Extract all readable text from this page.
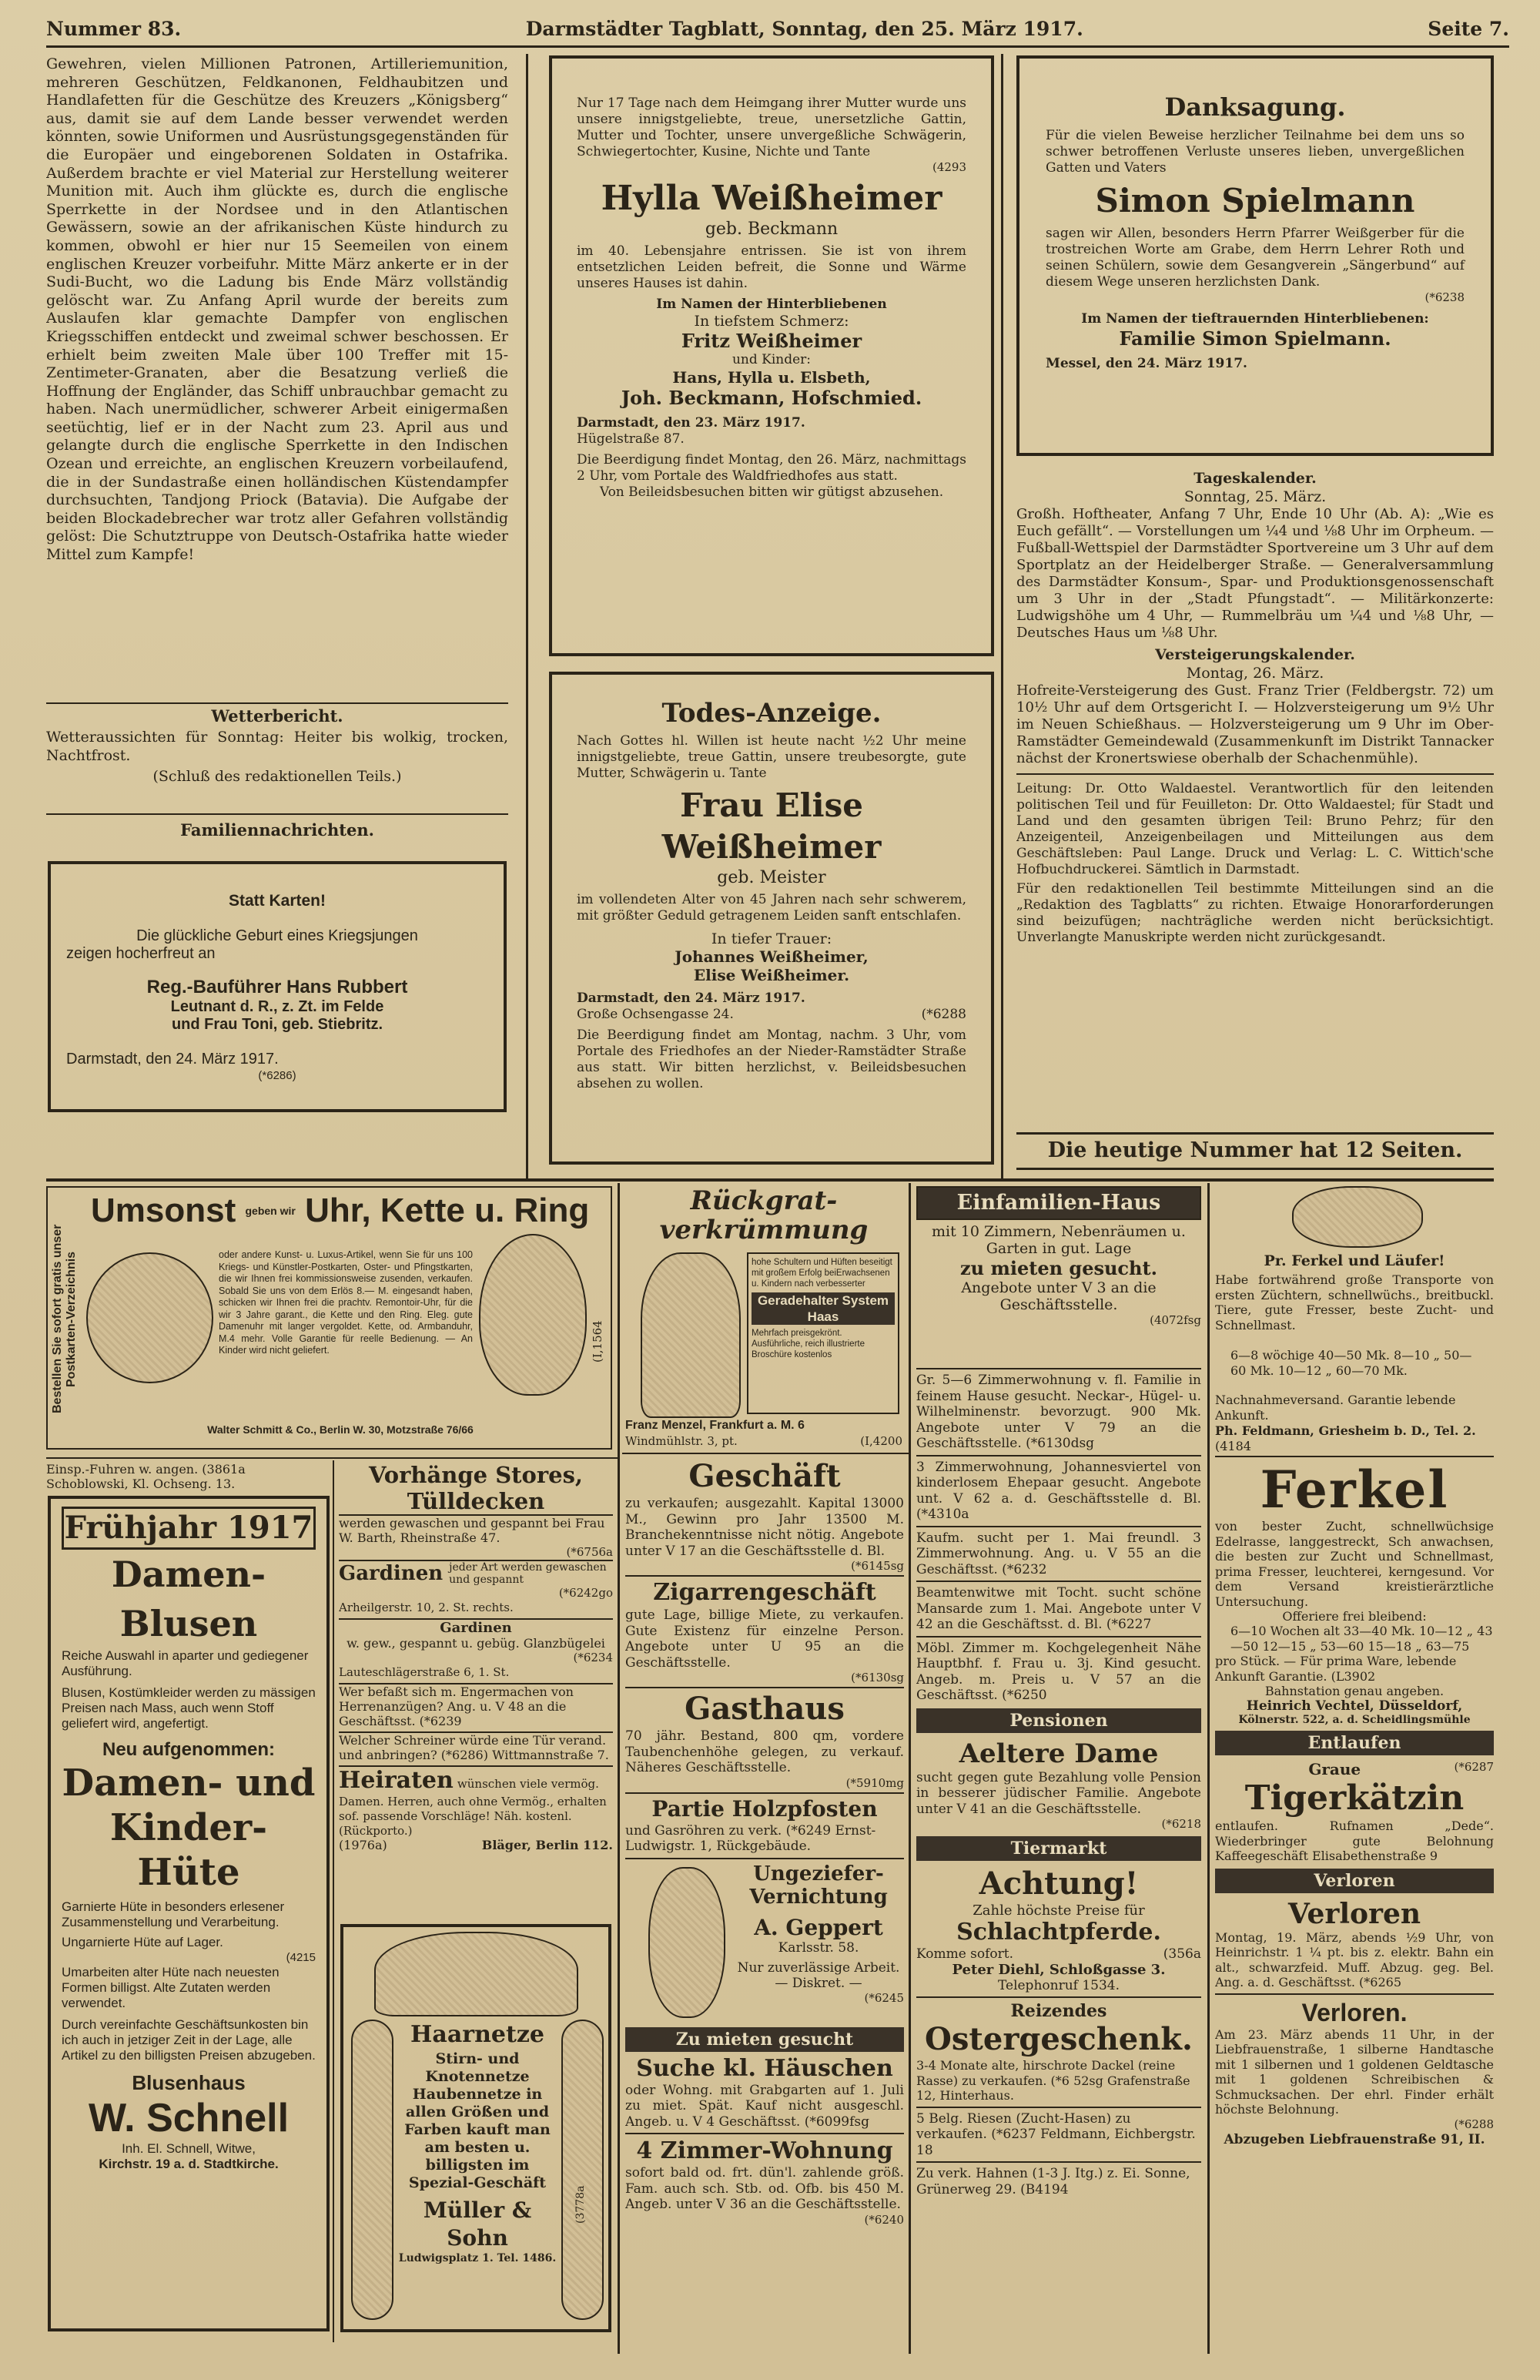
Nummer 83.	Darmstädter Tagblatt, Sonntag, den 25. März 1917.	Seite 7.

Gewehren, vielen Millionen Patronen, Artilleriemunition, mehreren Geschützen, Feldkanonen, Feldhaubitzen und Handlafetten für die Geschütze des Kreuzers „Königsberg“ aus, damit sie auf dem Lande besser verwendet werden könnten, sowie Uniformen und Ausrüstungsgegenständen für die Europäer und eingeborenen Soldaten in Ostafrika. Außerdem brachte er viel Material zur Herstellung weiterer Munition mit. Auch ihm glückte es, durch die englische Sperrkette in der Nordsee und in den Atlantischen Gewässern, sowie an der afrikanischen Küste hindurch zu kommen, obwohl er hier nur 15 Seemeilen von einem englischen Kreuzer vorbeifuhr. Mitte März ankerte er in der Sudi-Bucht, wo die Ladung bis Ende März vollständig gelöscht war. Zu Anfang April wurde der bereits zum Auslaufen klar gemachte Dampfer von englischen Kriegsschiffen entdeckt und zweimal schwer beschossen. Er erhielt beim zweiten Male über 100 Treffer mit 15-Zentimeter-Granaten, aber die Besatzung verließ die Hoffnung der Engländer, das Schiff unbrauchbar gemacht zu haben. Nach unermüdlicher, schwerer Arbeit einigermaßen seetüchtig, lief er in der Nacht zum 23. April aus und gelangte durch die englische Sperrkette in den Indischen Ozean und erreichte, an englischen Kreuzern vorbeilaufend, die in der Sundastraße einen holländischen Küstendampfer durchsuchten, Tandjong Priock (Batavia). Die Aufgabe der beiden Blockadebrecher war trotz aller Gefahren vollständig gelöst: Die Schutztruppe von Deutsch-Ostafrika hatte wieder Mittel zum Kampfe!

Wetterbericht.

Wetteraussichten für Sonntag: Heiter bis wolkig, trocken, Nachtfrost.

(Schluß des redaktionellen Teils.)

Familiennachrichten.
Statt Karten!
Die glückliche Geburt eines Kriegsjungen
zeigen hocherfreut an
Reg.-Bauführer Hans Rubbert
Leutnant d. R., z. Zt. im Felde
und Frau Toni, geb. Stiebritz.
Darmstadt, den 24. März 1917.
(*6286)
Nur 17 Tage nach dem Heimgang ihrer Mutter wurde uns unsere innigstgeliebte, treue, unersetzliche Gattin, Mutter und Tochter, unsere unvergeßliche Schwägerin, Schwiegertochter, Kusine, Nichte und Tante
(4293
Hylla Weißheimer
geb. Beckmann
im 40. Lebensjahre entrissen. Sie ist von ihrem entsetzlichen Leiden befreit, die Sonne und Wärme unseres Hauses ist dahin.
Im Namen der Hinterbliebenen
In tiefstem Schmerz:
Fritz Weißheimer
und Kinder:
Hans, Hylla u. Elsbeth,
Joh. Beckmann, Hofschmied.
Darmstadt, den 23. März 1917.
Hügelstraße 87.
Die Beerdigung findet Montag, den 26. März, nachmittags 2 Uhr, vom Portale des Waldfriedhofes aus statt.
Von Beileidsbesuchen bitten wir gütigst abzusehen.
Todes-Anzeige.
Nach Gottes hl. Willen ist heute nacht ½2 Uhr meine innigstgeliebte, treue Gattin, unsere treubesorgte, gute Mutter, Schwägerin u. Tante
Frau Elise Weißheimer
geb. Meister
im vollendeten Alter von 45 Jahren nach sehr schwerem, mit größter Geduld getragenem Leiden sanft entschlafen.
In tiefer Trauer:
Johannes Weißheimer,
Elise Weißheimer.
Darmstadt, den 24. März 1917.
Große Ochsengasse 24.	(*6288
Die Beerdigung findet am Montag, nachm. 3 Uhr, vom Portale des Friedhofes an der Nieder-Ramstädter Straße aus statt. Wir bitten herzlichst, v. Beileidsbesuchen absehen zu wollen.
Danksagung.
Für die vielen Beweise herzlicher Teilnahme bei dem uns so schwer betroffenen Verluste unseres lieben, unvergeßlichen Gatten und Vaters
Simon Spielmann
sagen wir Allen, besonders Herrn Pfarrer Weißgerber für die trostreichen Worte am Grabe, dem Herrn Lehrer Roth und seinen Schülern, sowie dem Gesangverein „Sängerbund“ auf diesem Wege unseren herzlichsten Dank.
(*6238
Im Namen der tieftrauernden Hinterbliebenen:
Familie Simon Spielmann.
Messel, den 24. März 1917.
Tageskalender.
Sonntag, 25. März.

Großh. Hoftheater, Anfang 7 Uhr, Ende 10 Uhr (Ab. A): „Wie es Euch gefällt“. — Vorstellungen um ¼4 und ⅛8 Uhr im Orpheum. — Fußball-Wettspiel der Darmstädter Sportvereine um 3 Uhr auf dem Sportplatz an der Heidelberger Straße. — Generalversammlung des Darmstädter Konsum-, Spar- und Produktionsgenossenschaft um 3 Uhr in der „Stadt Pfungstadt“. — Militärkonzerte: Ludwigshöhe um 4 Uhr, — Rummelbräu um ¼4 und ⅛8 Uhr, — Deutsches Haus um ⅛8 Uhr.

Versteigerungskalender.
Montag, 26. März.

Hofreite-Versteigerung des Gust. Franz Trier (Feldbergstr. 72) um 10½ Uhr auf dem Ortsgericht I. — Holzversteigerung um 9½ Uhr im Neuen Schießhaus. — Holzversteigerung um 9 Uhr im Ober-Ramstädter Gemeindewald (Zusammenkunft im Distrikt Tannacker nächst der Kronertswiese oberhalb der Schachenmühle).

Leitung: Dr. Otto Waldaestel. Verantwortlich für den leitenden politischen Teil und für Feuilleton: Dr. Otto Waldaestel; für Stadt und Land und den gesamten übrigen Teil: Bruno Pehrz; für den Anzeigenteil, Anzeigenbeilagen und Mitteilungen aus dem Geschäftsleben: Paul Lange. Druck und Verlag: L. C. Wittich'sche Hofbuchdruckerei. Sämtlich in Darmstadt.

Für den redaktionellen Teil bestimmte Mitteilungen sind an die „Redaktion des Tagblatts“ zu richten. Etwaige Honorarforderungen sind beizufügen; nachträgliche werden nicht berücksichtigt. Unverlangte Manuskripte werden nicht zurückgesandt.

Die heutige Nummer hat 12 Seiten.
Bestellen Sie sofort gratis unser Postkarten-Verzeichnis
Umsonst $^{geben wir}$ Uhr, Kette u. Ring
oder andere Kunst- u. Luxus-Artikel, wenn Sie für uns 100 Kriegs- und Künstler-Postkarten, Oster- und Pfingstkarten, die wir Ihnen frei kommissionsweise zusenden, verkaufen. Sobald Sie uns von dem Erlös 8.— M. eingesandt haben, schicken wir Ihnen frei die prachtv. Remontoir-Uhr, für die wir 3 Jahre garant., die Kette und den Ring. Eleg. gute Damenuhr mit langer vergoldet. Kette, od. Armbanduhr, M.4 mehr. Volle Garantie für reelle Bedienung. — An Kinder wird nicht geliefert.
Walter Schmitt & Co., Berlin W. 30, Motzstraße 76/66
(I,1564
Rückgrat-verkrümmung
hohe Schultern und Hüften beseitigt mit großem Erfolg beiErwachsenen u. Kindern nach verbesserter
Geradehalter System Haas
Mehrfach preisgekrönt. Ausführliche, reich illustrierte Broschüre kostenlos
Franz Menzel, Frankfurt a. M. 6
Windmühlstr. 3, pt.	(I,4200
Einfamilien-Haus
mit 10 Zimmern, Nebenräumen u. Garten in gut. Lage
zu mieten gesucht.
Angebote unter V 3 an die Geschäftsstelle.
(4072fsg
Pr. Ferkel und Läufer!
Habe fortwährend große Transporte von ersten Züchtern, schnellwüchs., breitbuckl. Tiere, gute Fresser, beste Zucht- und Schnellmast.
6—8 wöchige 40—50 Mk. 8—10 „ 50—60 Mk. 10—12 „ 60—70 Mk.
Nachnahmeversand. Garantie lebende Ankunft.
Ph. Feldmann, Griesheim b. D., Tel. 2. (4184
Einsp.-Fuhren w. angen. (3861a Schoblowski, Kl. Ochseng. 13.
Frühjahr 1917
Damen-Blusen
Reiche Auswahl in aparter und gediegener Ausführung.
Blusen, Kostümkleider werden zu mässigen Preisen nach Mass, auch wenn Stoff geliefert wird, angefertigt.
Neu aufgenommen:
Damen- und Kinder-Hüte
Garnierte Hüte in besonders erlesener Zusammenstellung und Verarbeitung.
Ungarnierte Hüte auf Lager.
(4215
Umarbeiten alter Hüte nach neuesten Formen billigst. Alte Zutaten werden verwendet.
Durch vereinfachte Geschäftsunkosten bin ich auch in jetziger Zeit in der Lage, alle Artikel zu den billigsten Preisen abzugeben.
Blusenhaus
W. Schnell
Inh. El. Schnell, Witwe,
Kirchstr. 19 a. d. Stadtkirche.
Vorhänge Stores, Tülldecken
werden gewaschen und gespannt bei Frau W. Barth, Rheinstraße 47.
(*6756a
Gardinen jeder Art werden gewaschen und gespannt
(*6242go
Arheilgerstr. 10, 2. St. rechts.
Gardinen
w. gew., gespannt u. gebüg. Glanzbügelei
(*6234
Lauteschlägerstraße 6, 1. St.
Wer befaßt sich m. Engermachen von Herrenanzügen? Ang. u. V 48 an die Geschäftsst. (*6239
Welcher Schreiner würde eine Tür verand. und anbringen? (*6286) Wittmannstraße 7.
Heiraten wünschen viele vermög. Damen. Herren, auch ohne Vermög., erhalten sof. passende Vorschläge! Näh. kostenl. (Rückporto.)
(1976a)	Bläger, Berlin 112.
Haarnetze
Stirn- und Knotennetze Haubennetze in allen Größen und Farben kauft man am besten u. billigsten im Spezial-Geschäft
Müller & Sohn
Ludwigsplatz 1. Tel. 1486.
(3778a
Geschäft
zu verkaufen; ausgezahlt. Kapital 13000 M., Gewinn pro Jahr 13500 M. Branchekenntnisse nicht nötig. Angebote unter V 17 an die Geschäftsstelle d. Bl.
(*6145sg
Zigarrengeschäft
gute Lage, billige Miete, zu verkaufen. Gute Existenz für einzelne Person. Angebote unter U 95 an die Geschäftsstelle.
(*6130sg
Gasthaus
70 jähr. Bestand, 800 qm, vordere Taubenchenhöhe gelegen, zu verkauf. Näheres Geschäftsstelle.
(*5910mg
Partie Holzpfosten
und Gasröhren zu verk. (*6249 Ernst-Ludwigstr. 1, Rückgebäude.
Ungeziefer-Vernichtung
A. Geppert
Karlsstr. 58.
Nur zuverlässige Arbeit. — Diskret. —
(*6245
Zu mieten gesucht
Suche kl. Häuschen
oder Wohng. mit Grabgarten auf 1. Juli zu miet. Spät. Kauf nicht ausgeschl. Angeb. u. V 4 Geschäftsst. (*6099fsg
4 Zimmer-Wohnung
sofort bald od. frt. dün'l. zahlende größ. Fam. auch sch. Stb. od. Ofb. bis 450 M. Angeb. unter V 36 an die Geschäftsstelle.
(*6240
Gr. 5—6 Zimmerwohnung v. fl. Familie in feinem Hause gesucht. Neckar-, Hügel- u. Wilhelminenstr. bevorzugt. 900 Mk. Angebote unter V 79 an die Geschäftsstelle. (*6130dsg
3 Zimmerwohnung, Johannesviertel von kinderlosem Ehepaar gesucht. Angebote unt. V 62 a. d. Geschäftsstelle d. Bl. (*4310a
Kaufm. sucht per 1. Mai freundl. 3 Zimmerwohnung. Ang. u. V 55 an die Geschäftsst. (*6232
Beamtenwitwe mit Tocht. sucht schöne Mansarde zum 1. Mai. Angebote unter V 42 an die Geschäftsst. d. Bl. (*6227
Möbl. Zimmer m. Kochgelegenheit Nähe Hauptbhf. f. Frau u. 3j. Kind gesucht. Angeb. m. Preis u. V 57 an die Geschäftsst. (*6250
Pensionen
Aeltere Dame
sucht gegen gute Bezahlung volle Pension in besserer jüdischer Familie. Angebote unter V 41 an die Geschäftsstelle.
(*6218
Tiermarkt
Achtung!
Zahle höchste Preise für
Schlachtpferde.
Komme sofort.	(356a
Peter Diehl, Schloßgasse 3.
Telephonruf 1534.
Reizendes
Ostergeschenk.
3-4 Monate alte, hirschrote Dackel (reine Rasse) zu verkaufen. (*6 52sg Grafenstraße 12, Hinterhaus.
5 Belg. Riesen (Zucht-Hasen) zu verkaufen. (*6237 Feldmann, Eichbergstr. 18
Zu verk. Hahnen (1-3 J. Itg.) z. Ei. Sonne, Grünerweg 29. (B4194
Ferkel
von bester Zucht, schnellwüchsige Edelrasse, langgestreckt, Sch anwachsen, die besten zur Zucht und Schnellmast, prima Fresser, leuchterei, kerngesund. Vor dem Versand kreistierärztliche Untersuchung.
Offeriere frei bleibend:
6—10 Wochen alt 33—40 Mk. 10—12 „ 43—50 12—15 „ 53—60 15—18 „ 63—75
pro Stück. — Für prima Ware, lebende Ankunft Garantie. (L3902
Bahnstation genau angeben.
Heinrich Vechtel, Düsseldorf,
Kölnerstr. 522, a. d. Scheidlingsmühle
Entlaufen
Graue	(*6287
Tigerkätzin
entlaufen. Rufnamen „Dede“. Wiederbringer gute Belohnung Kaffeegeschäft Elisabethenstraße 9
Verloren
Verloren
Montag, 19. März, abends ½9 Uhr, von Heinrichstr. 1 ¼ pt. bis z. elektr. Bahn ein alt., schwarzfeid. Muff. Abzug. geg. Bel. Ang. a. d. Geschäftsst. (*6265
Verloren.
Am 23. März abends 11 Uhr, in der Liebfrauenstraße, 1 silberne Handtasche mit 1 silbernen und 1 goldenen Geldtasche mit 1 goldenen Schreibischen & Schmucksachen. Der ehrl. Finder erhält höchste Belohnung.
(*6288
Abzugeben Liebfrauenstraße 91, II.
